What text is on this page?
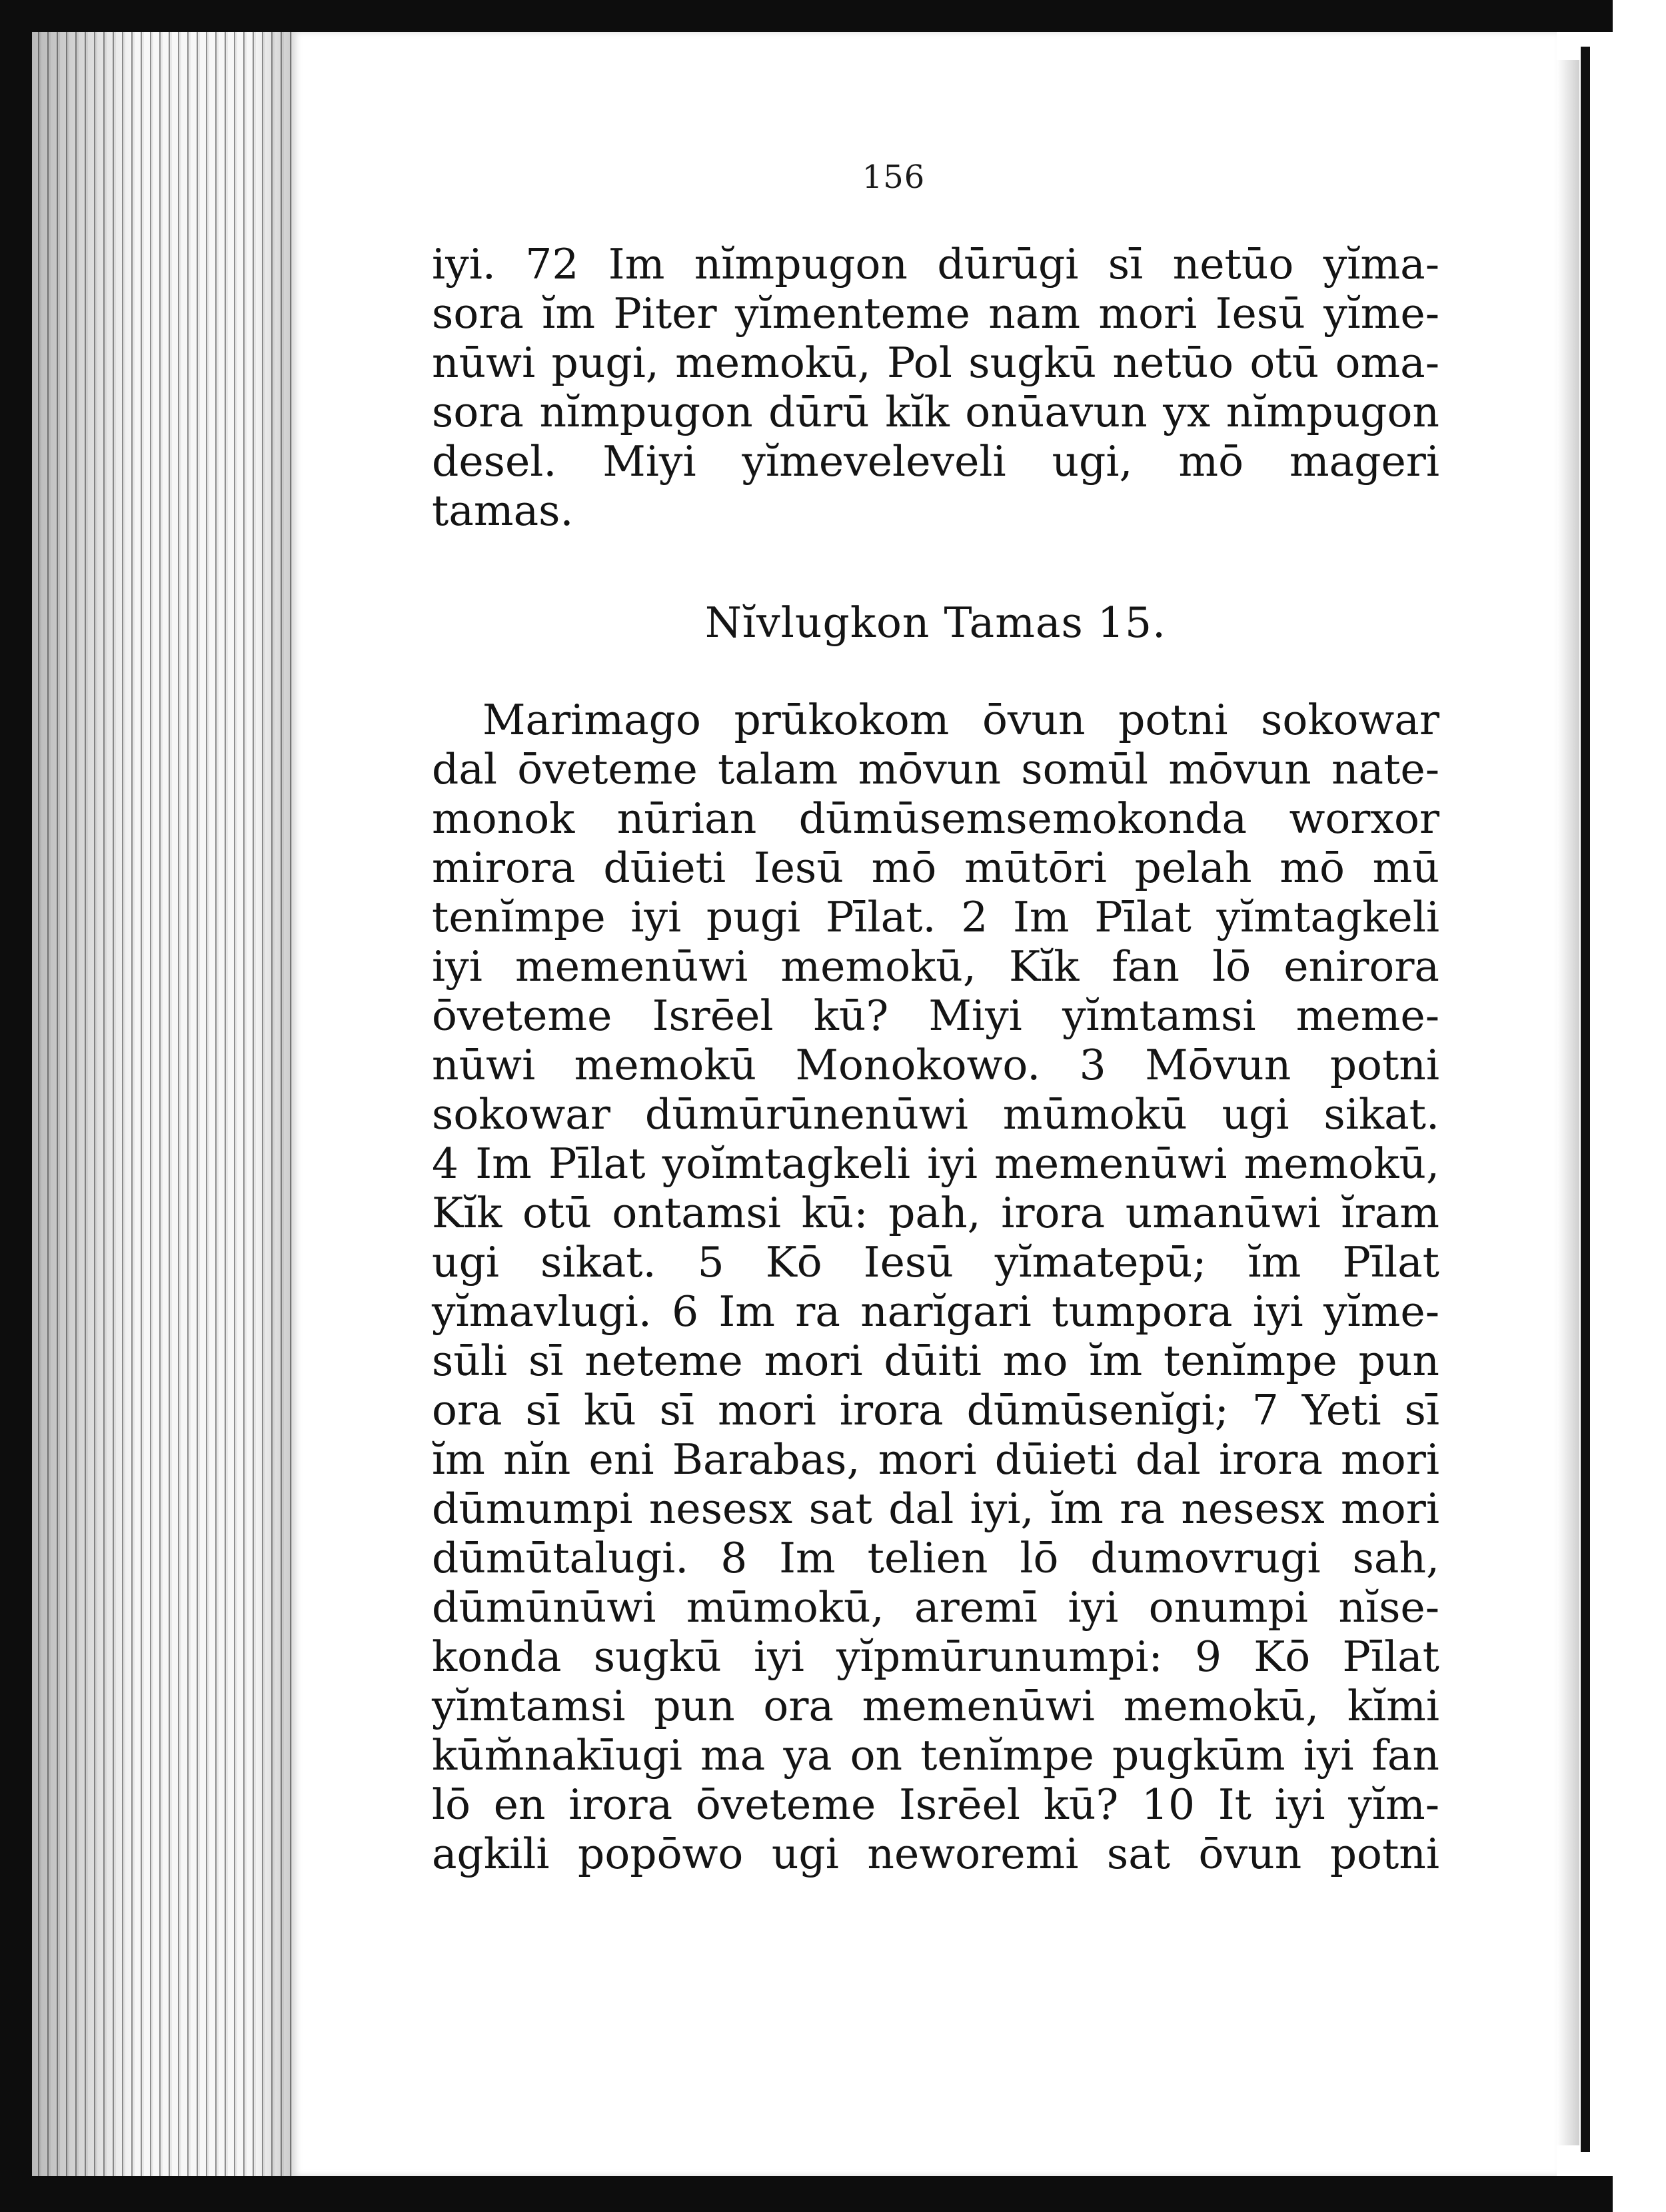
156
iyi. 72 Im nĭmpugon dūrūgi sī netūo yĭma-
sora ĭm Piter yĭmenteme nam mori Iesū yĭme-
nūwi pugi, memokū, Pol sugkū netūo otū oma-
sora nĭmpugon dūrū kĭk onūavun yx nĭmpugon
desel. Miyi yĭmeveleveli ugi, mō mageri
tamas.
Nĭvlugkon Tamas 15.
Marimago prūkokom ōvun potni sokowar
dal ōveteme talam mōvun somūl mōvun nate-
monok nūrian dūmūsemsemokonda worxor
mirora dūieti Iesū mō mūtōri pelah mō mū
tenĭmpe iyi pugi Pīlat. 2 Im Pīlat yĭmtagkeli
iyi memenūwi memokū, Kĭk fan lō enirora
ōveteme Isrēel kū? Miyi yĭmtamsi meme-
nūwi memokū Monokowo. 3 Mōvun potni
sokowar dūmūrūnenūwi mūmokū ugi sikat.
4 Im Pīlat yoĭmtagkeli iyi memenūwi memokū,
Kĭk otū ontamsi kū: pah, irora umanūwi ĭram
ugi sikat. 5 Kō Iesū yĭmatepū; ĭm Pīlat
yĭmavlugi. 6 Im ra narĭgari tumpora iyi yĭme-
sūli sī neteme mori dūiti mo ĭm tenĭmpe pun
ora sī kū sī mori irora dūmūsenĭgi; 7 Yeti sī
ĭm nĭn eni Barabas, mori dūieti dal irora mori
dūmumpi nesesx sat dal iyi, ĭm ra nesesx mori
dūmūtalugi. 8 Im telien lō dumovrugi sah,
dūmūnūwi mūmokū, aremī iyi onumpi nĭse-
konda sugkū iyi yĭpmūrunumpi: 9 Kō Pīlat
yĭmtamsi pun ora memenūwi memokū, kĭmi
kūm̆nakīugi ma ya on tenĭmpe pugkūm iyi fan
lō en irora ōveteme Isrēel kū? 10 It iyi yĭm-
agkili popōwo ugi neworemi sat ōvun potni
